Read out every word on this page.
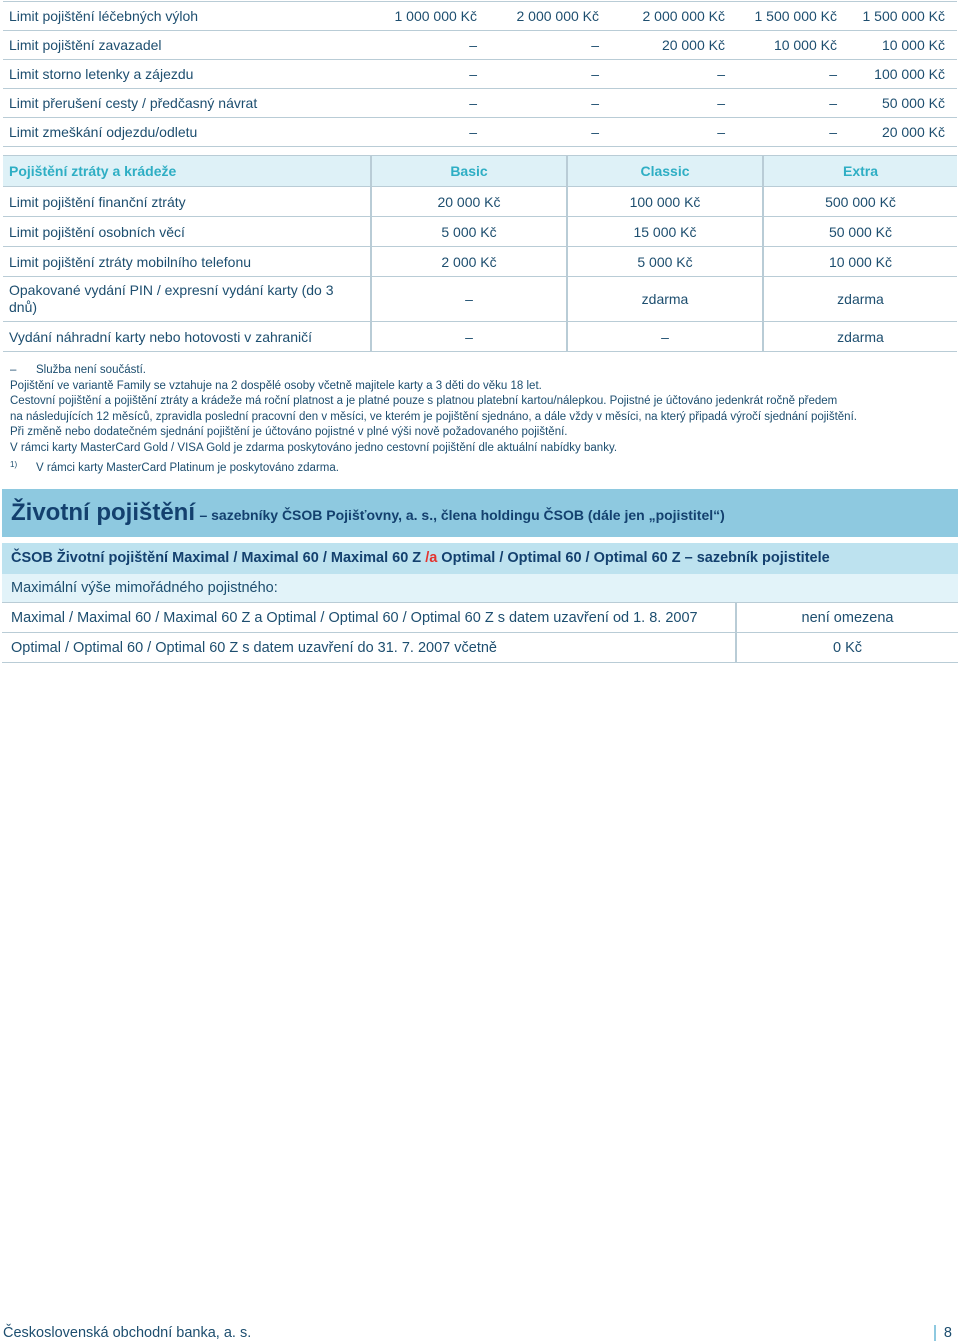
Limit pojištění léčebných výloh	1 000 000 Kč	2 000 000 Kč	2 000 000 Kč	1 500 000 Kč	1 500 000 Kč
Limit pojištění zavazadel	–	–	20 000 Kč	10 000 Kč	10 000 Kč
Limit storno letenky a zájezdu	–	–	–	–	100 000 Kč
Limit přerušení cesty / předčasný návrat	–	–	–	–	50 000 Kč
Limit zmeškání odjezdu/odletu	–	–	–	–	20 000 Kč
Pojištění ztráty a krádeže	Basic	Classic	Extra
Limit pojištění finanční ztráty	20 000 Kč	100 000 Kč	500 000 Kč
Limit pojištění osobních věcí	5 000 Kč	15 000 Kč	50 000 Kč
Limit pojištění ztráty mobilního telefonu	2 000 Kč	5 000 Kč	10 000 Kč
Opakované vydání PIN / expresní vydání karty (do 3 dnů)	–	zdarma	zdarma
Vydání náhradní karty nebo hotovosti v zahraničí	–	–	zdarma
– Služba není součástí.
Pojištění ve variantě Family se vztahuje na 2 dospělé osoby včetně majitele karty a 3 děti do věku 18 let.
Cestovní pojištění a pojištění ztráty a krádeže má roční platnost a je platné pouze s platnou platební kartou/nálepkou. Pojistné je účtováno jedenkrát ročně předem
na následujících 12 měsíců, zpravidla poslední pracovní den v měsíci, ve kterém je pojištění sjednáno, a dále vždy v měsíci, na který připadá výročí sjednání pojištění.
Při změně nebo dodatečném sjednání pojištění je účtováno pojistné v plné výši nově požadovaného pojištění.
V rámci karty MasterCard Gold / VISA Gold je zdarma poskytováno jedno cestovní pojištění dle aktuální nabídky banky.
$^{1)}$ V rámci karty MasterCard Platinum je poskytováno zdarma.
Životní pojištění – sazebníky ČSOB Pojišťovny, a. s., člena holdingu ČSOB (dále jen „pojistitel“)
ČSOB Životní pojištění Maximal / Maximal 60 / Maximal 60 Z /a Optimal / Optimal 60 / Optimal 60 Z – sazebník pojistitele
Maximální výše mimořádného pojistného:
Maximal / Maximal 60 / Maximal 60 Z a Optimal / Optimal 60 / Optimal 60 Z s datem uzavření od 1. 8. 2007	není omezena
Optimal / Optimal 60 / Optimal 60 Z s datem uzavření do 31. 7. 2007 včetně	0 Kč
Československá obchodní banka, a. s.	8
